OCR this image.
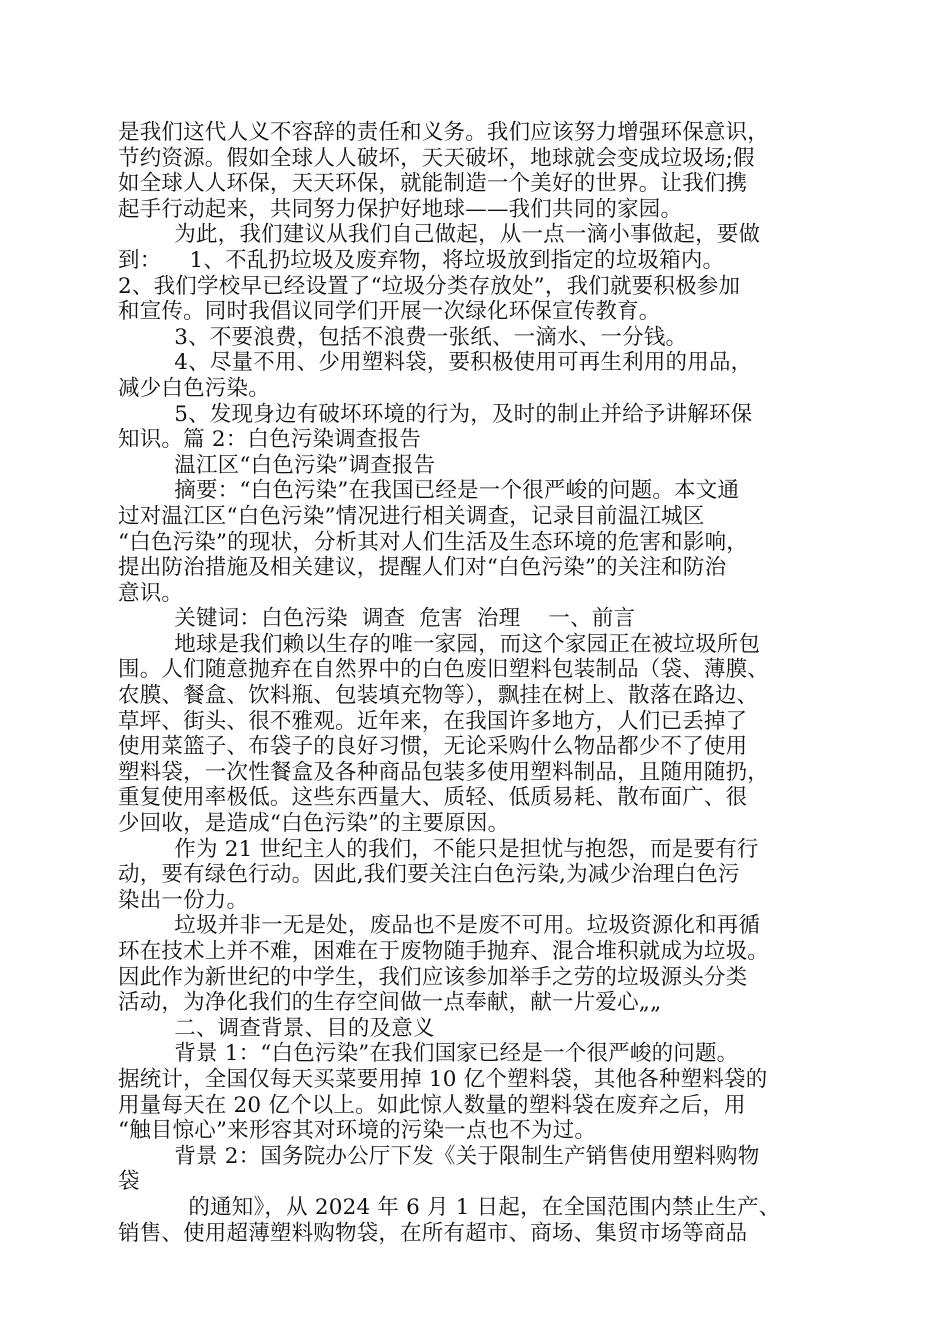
是我们这代人义不容辞的责任和义务。我们应该努力增强环保意识，
节约资源。假如全球人人破坏，天天破坏，地球就会变成垃圾场;假
如全球人人环保，天天环保，就能制造一个美好的世界。让我们携
起手行动起来，共同努力保护好地球——我们共同的家园。
为此，我们建议从我们自己做起，从一点一滴小事做起，要做
到：    1、不乱扔垃圾及废弃物，将垃圾放到指定的垃圾箱内。
2、我们学校早已经设置了“垃圾分类存放处”，我们就要积极参加
和宣传。同时我倡议同学们开展一次绿化环保宣传教育。
3、不要浪费，包括不浪费一张纸、一滴水、一分钱。
4、尽量不用、少用塑料袋，要积极使用可再生利用的用品，
减少白色污染。
5、发现身边有破坏环境的行为，及时的制止并给予讲解环保
知识。篇 2：白色污染调查报告
温江区“白色污染”调查报告
摘要：“白色污染”在我国已经是一个很严峻的问题。本文通
过对温江区“白色污染”情况进行相关调查，记录目前温江城区
“白色污染”的现状，分析其对人们生活及生态环境的危害和影响，
提出防治措施及相关建议，提醒人们对“白色污染”的关注和防治
意识。
关键词：白色污染  调查  危害  治理    一、前言
地球是我们赖以生存的唯一家园，而这个家园正在被垃圾所包
围。人们随意抛弃在自然界中的白色废旧塑料包装制品（袋、薄膜、
农膜、餐盒、饮料瓶、包装填充物等），飘挂在树上、散落在路边、
草坪、街头、很不雅观。近年来，在我国许多地方，人们已丢掉了
使用菜篮子、布袋子的良好习惯，无论采购什么物品都少不了使用
塑料袋，一次性餐盒及各种商品包装多使用塑料制品，且随用随扔，
重复使用率极低。这些东西量大、质轻、低质易耗、散布面广、很
少回收，是造成“白色污染”的主要原因。
作为 21 世纪主人的我们，不能只是担忧与抱怨，而是要有行
动，要有绿色行动。因此,我们要关注白色污染,为减少治理白色污
染出一份力。
垃圾并非一无是处，废品也不是废不可用。垃圾资源化和再循
环在技术上并不难，困难在于废物随手抛弃、混合堆积就成为垃圾。
因此作为新世纪的中学生，我们应该参加举手之劳的垃圾源头分类
活动，为净化我们的生存空间做一点奉献，献一片爱心„„
二、调查背景、目的及意义
背景 1：“白色污染”在我们国家已经是一个很严峻的问题。
据统计，全国仅每天买菜要用掉 10 亿个塑料袋，其他各种塑料袋的
用量每天在 20 亿个以上。如此惊人数量的塑料袋在废弃之后，用
“触目惊心”来形容其对环境的污染一点也不为过。
背景 2：国务院办公厅下发《关于限制生产销售使用塑料购物
袋
的通知》，从 2024 年 6 月 1 日起，在全国范围内禁止生产、
销售、使用超薄塑料购物袋，在所有超市、商场、集贸市场等商品
